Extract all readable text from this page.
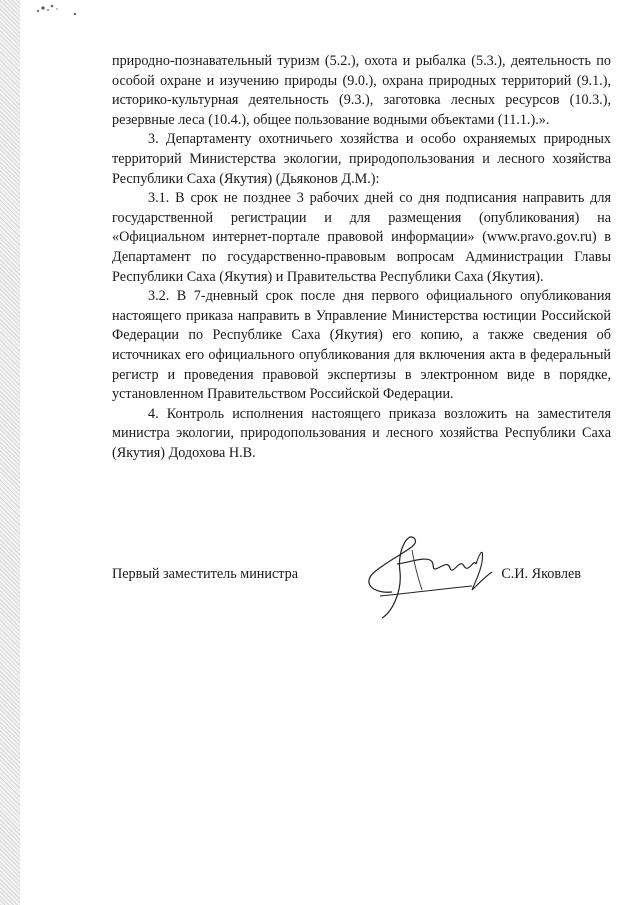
природно-познавательный туризм (5.2.), охота и рыбалка (5.3.), деятельность по особой охране и изучению природы (9.0.), охрана природных территорий (9.1.), историко-культурная деятельность (9.3.), заготовка лесных ресурсов (10.3.), резервные леса (10.4.), общее пользование водными объектами (11.1.).».

3. Департаменту охотничьего хозяйства и особо охраняемых природных территорий Министерства экологии, природопользования и лесного хозяйства Республики Саха (Якутия) (Дьяконов Д.М.):

3.1. В срок не позднее 3 рабочих дней со дня подписания направить для государственной регистрации и для размещения (опубликования) на «Официальном интернет-портале правовой информации» (www.pravo.gov.ru) в Департамент по государственно-правовым вопросам Администрации Главы Республики Саха (Якутия) и Правительства Республики Саха (Якутия).

3.2. В 7-дневный срок после дня первого официального опубликования настоящего приказа направить в Управление Министерства юстиции Российской Федерации по Республике Саха (Якутия) его копию, а также сведения об источниках его официального опубликования для включения акта в федеральный регистр и проведения правовой экспертизы в электронном виде в порядке, установленном Правительством Российской Федерации.

4. Контроль исполнения настоящего приказа возложить на заместителя министра экологии, природопользования и лесного хозяйства Республики Саха (Якутия) Додохова Н.В.

Первый заместитель министра	С.И. Яковлев
